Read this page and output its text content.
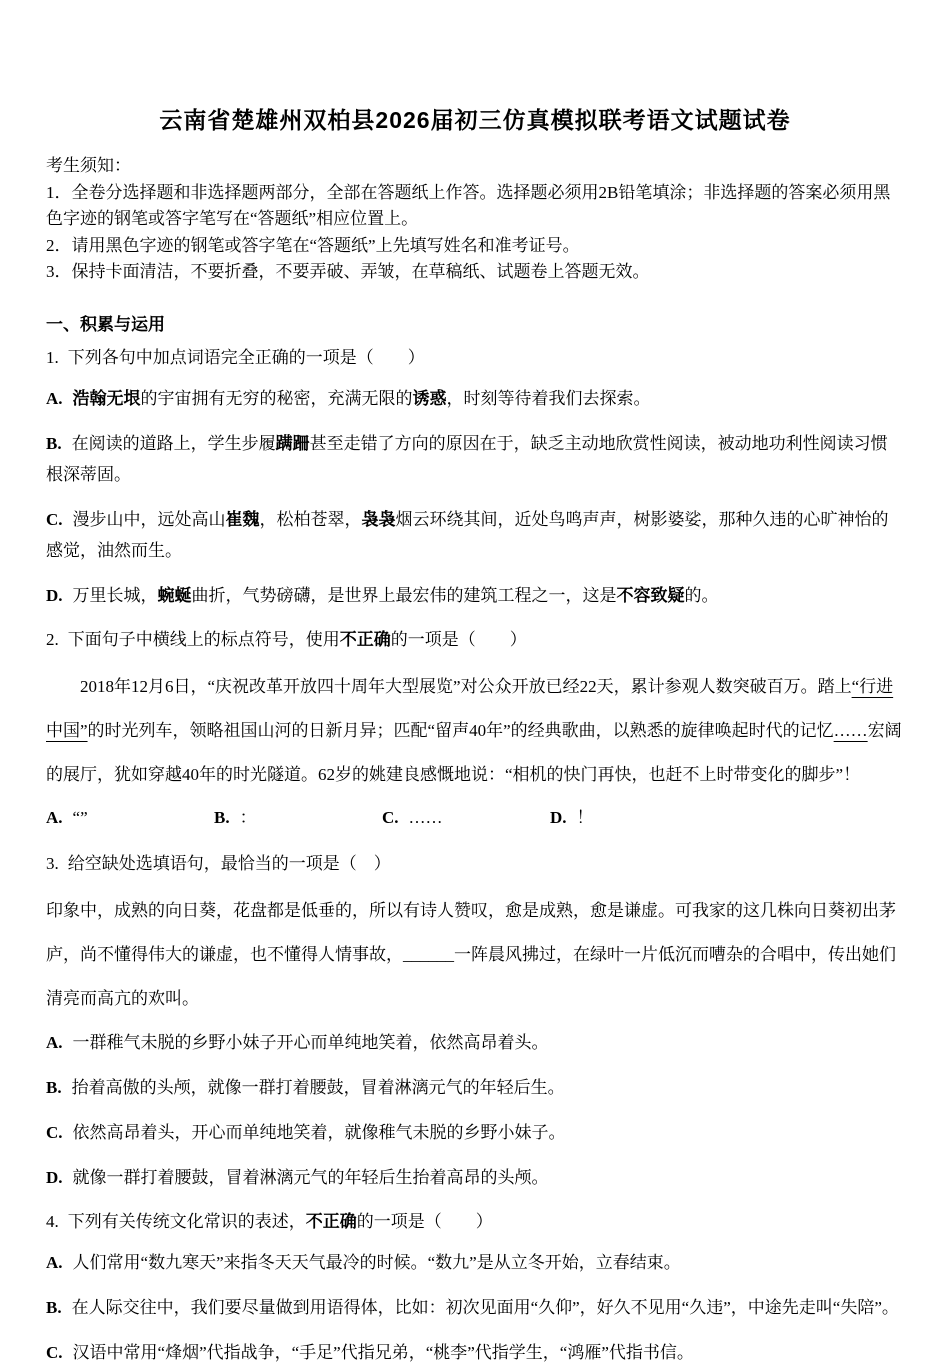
云南省楚雄州双柏县2026届初三仿真模拟联考语文试题试卷

考生须知：

1．全卷分选择题和非选择题两部分，全部在答题纸上作答。选择题必须用2B铅笔填涂；非选择题的答案必须用黑色字迹的钢笔或答字笔写在“答题纸”相应位置上。

2．请用黑色字迹的钢笔或答字笔在“答题纸”上先填写姓名和准考证号。

3．保持卡面清洁，不要折叠，不要弄破、弄皱，在草稿纸、试题卷上答题无效。

一、积累与运用
1. 下列各句中加点词语完全正确的一项是（　　）
A. 浩翰无垠的宇宙拥有无穷的秘密，充满无限的诱惑，时刻等待着我们去探索。
B. 在阅读的道路上，学生步履蹒跚甚至走错了方向的原因在于，缺乏主动地欣赏性阅读，被动地功利性阅读习惯根深蒂固。
C. 漫步山中，远处高山崔魏，松柏苍翠，袅袅烟云环绕其间，近处鸟鸣声声，树影婆娑，那种久违的心旷神怡的感觉，油然而生。
D. 万里长城，蜿蜒曲折，气势磅礴，是世界上最宏伟的建筑工程之一，这是不容致疑的。
2. 下面句子中横线上的标点符号，使用不正确的一项是（　　）
　　2018年12月6日，“庆祝改革开放四十周年大型展览”对公众开放已经22天，累计参观人数突破百万。踏上“行进中国”的时光列车，领略祖国山河的日新月异；匹配“留声40年”的经典歌曲，以熟悉的旋律唤起时代的记忆……宏阔的展厅，犹如穿越40年的时光隧道。62岁的姚建良感慨地说：“相机的快门再快，也赶不上时带变化的脚步”！
A. “”	B. ：	C. ……	D. ！
3. 给空缺处选填语句，最恰当的一项是（　）
印象中，成熟的向日葵，花盘都是低垂的，所以有诗人赞叹，愈是成熟，愈是谦虚。可我家的这几株向日葵初出茅庐，尚不懂得伟大的谦虚，也不懂得人情事故，______一阵晨风拂过，在绿叶一片低沉而嘈杂的合唱中，传出她们清亮而高亢的欢叫。
A. 一群稚气未脱的乡野小妹子开心而单纯地笑着，依然高昂着头。
B. 抬着高傲的头颅，就像一群打着腰鼓，冒着淋漓元气的年轻后生。
C. 依然高昂着头，开心而单纯地笑着，就像稚气未脱的乡野小妹子。
D. 就像一群打着腰鼓，冒着淋漓元气的年轻后生抬着高昂的头颅。
4. 下列有关传统文化常识的表述，不正确的一项是（　　）
A. 人们常用“数九寒天”来指冬天天气最冷的时候。“数九”是从立冬开始，立春结束。
B. 在人际交往中，我们要尽量做到用语得体，比如：初次见面用“久仰”，好久不见用“久违”，中途先走叫“失陪”。
C. 汉语中常用“烽烟”代指战争，“手足”代指兄弟，“桃李”代指学生，“鸿雁”代指书信。
